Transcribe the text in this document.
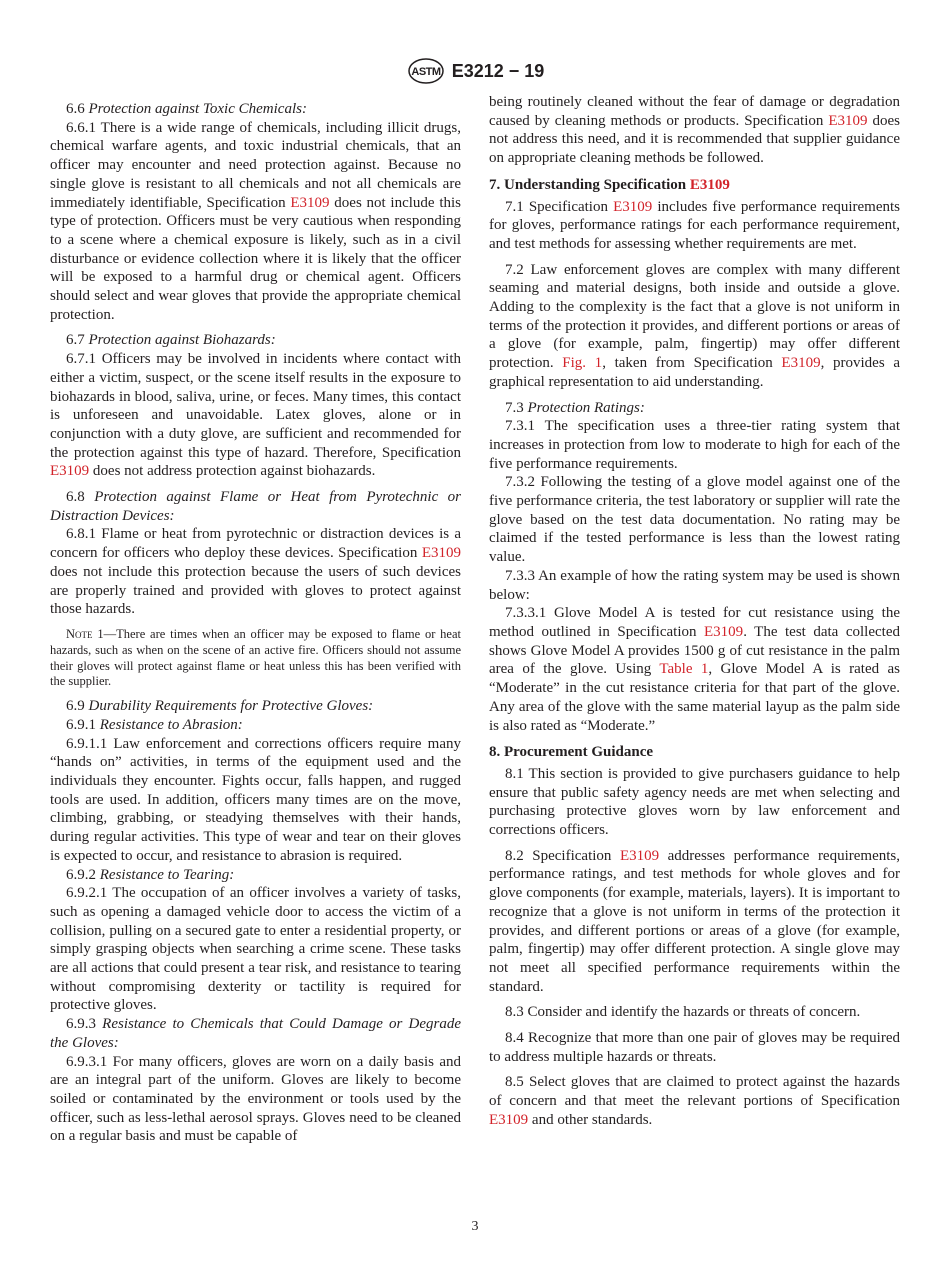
ASTM E3212 − 19

6.6 Protection against Toxic Chemicals:

6.6.1 There is a wide range of chemicals, including illicit drugs, chemical warfare agents, and toxic industrial chemicals, that an officer may encounter and need protection against. Because no single glove is resistant to all chemicals and not all chemicals are immediately identifiable, Specification E3109 does not include this type of protection. Officers must be very cautious when responding to a scene where a chemical exposure is likely, such as in a civil disturbance or evidence collection where it is likely that the officer will be exposed to a harmful drug or chemical agent. Officers should select and wear gloves that provide the appropriate chemical protection.

6.7 Protection against Biohazards:

6.7.1 Officers may be involved in incidents where contact with either a victim, suspect, or the scene itself results in the exposure to biohazards in blood, saliva, urine, or feces. Many times, this contact is unforeseen and unavoidable. Latex gloves, alone or in conjunction with a duty glove, are sufficient and recommended for the protection against this type of hazard. Therefore, Specification E3109 does not address protection against biohazards.

6.8 Protection against Flame or Heat from Pyrotechnic or Distraction Devices:

6.8.1 Flame or heat from pyrotechnic or distraction devices is a concern for officers who deploy these devices. Specification E3109 does not include this protection because the users of such devices are properly trained and provided with gloves to protect against those hazards.

Note 1—There are times when an officer may be exposed to flame or heat hazards, such as when on the scene of an active fire. Officers should not assume their gloves will protect against flame or heat unless this has been verified with the supplier.

6.9 Durability Requirements for Protective Gloves:

6.9.1 Resistance to Abrasion:

6.9.1.1 Law enforcement and corrections officers require many “hands on” activities, in terms of the equipment used and the individuals they encounter. Fights occur, falls happen, and rugged tools are used. In addition, officers many times are on the move, climbing, grabbing, or steadying themselves with their hands, during regular activities. This type of wear and tear on their gloves is expected to occur, and resistance to abrasion is required.

6.9.2 Resistance to Tearing:

6.9.2.1 The occupation of an officer involves a variety of tasks, such as opening a damaged vehicle door to access the victim of a collision, pulling on a secured gate to enter a residential property, or simply grasping objects when searching a crime scene. These tasks are all actions that could present a tear risk, and resistance to tearing without compromising dexterity or tactility is required for protective gloves.

6.9.3 Resistance to Chemicals that Could Damage or Degrade the Gloves:

6.9.3.1 For many officers, gloves are worn on a daily basis and are an integral part of the uniform. Gloves are likely to become soiled or contaminated by the environment or tools used by the officer, such as less-lethal aerosol sprays. Gloves need to be cleaned on a regular basis and must be capable of

being routinely cleaned without the fear of damage or degradation caused by cleaning methods or products. Specification E3109 does not address this need, and it is recommended that supplier guidance on appropriate cleaning methods be followed.

7. Understanding Specification E3109

7.1 Specification E3109 includes five performance requirements for gloves, performance ratings for each performance requirement, and test methods for assessing whether requirements are met.

7.2 Law enforcement gloves are complex with many different seaming and material designs, both inside and outside a glove. Adding to the complexity is the fact that a glove is not uniform in terms of the protection it provides, and different portions or areas of a glove (for example, palm, fingertip) may offer different protection. Fig. 1, taken from Specification E3109, provides a graphical representation to aid understanding.

7.3 Protection Ratings:

7.3.1 The specification uses a three-tier rating system that increases in protection from low to moderate to high for each of the five performance requirements.

7.3.2 Following the testing of a glove model against one of the five performance criteria, the test laboratory or supplier will rate the glove based on the test data documentation. No rating may be claimed if the tested performance is less than the lowest rating value.

7.3.3 An example of how the rating system may be used is shown below:

7.3.3.1 Glove Model A is tested for cut resistance using the method outlined in Specification E3109. The test data collected shows Glove Model A provides 1500 g of cut resistance in the palm area of the glove. Using Table 1, Glove Model A is rated as “Moderate” in the cut resistance criteria for that part of the glove. Any area of the glove with the same material layup as the palm side is also rated as “Moderate.”

8. Procurement Guidance

8.1 This section is provided to give purchasers guidance to help ensure that public safety agency needs are met when selecting and purchasing protective gloves worn by law enforcement and corrections officers.

8.2 Specification E3109 addresses performance requirements, performance ratings, and test methods for whole gloves and for glove components (for example, materials, layers). It is important to recognize that a glove is not uniform in terms of the protection it provides, and different portions or areas of a glove (for example, palm, fingertip) may offer different protection. A single glove may not meet all specified performance requirements within the standard.

8.3 Consider and identify the hazards or threats of concern.

8.4 Recognize that more than one pair of gloves may be required to address multiple hazards or threats.

8.5 Select gloves that are claimed to protect against the hazards of concern and that meet the relevant portions of Specification E3109 and other standards.

3
